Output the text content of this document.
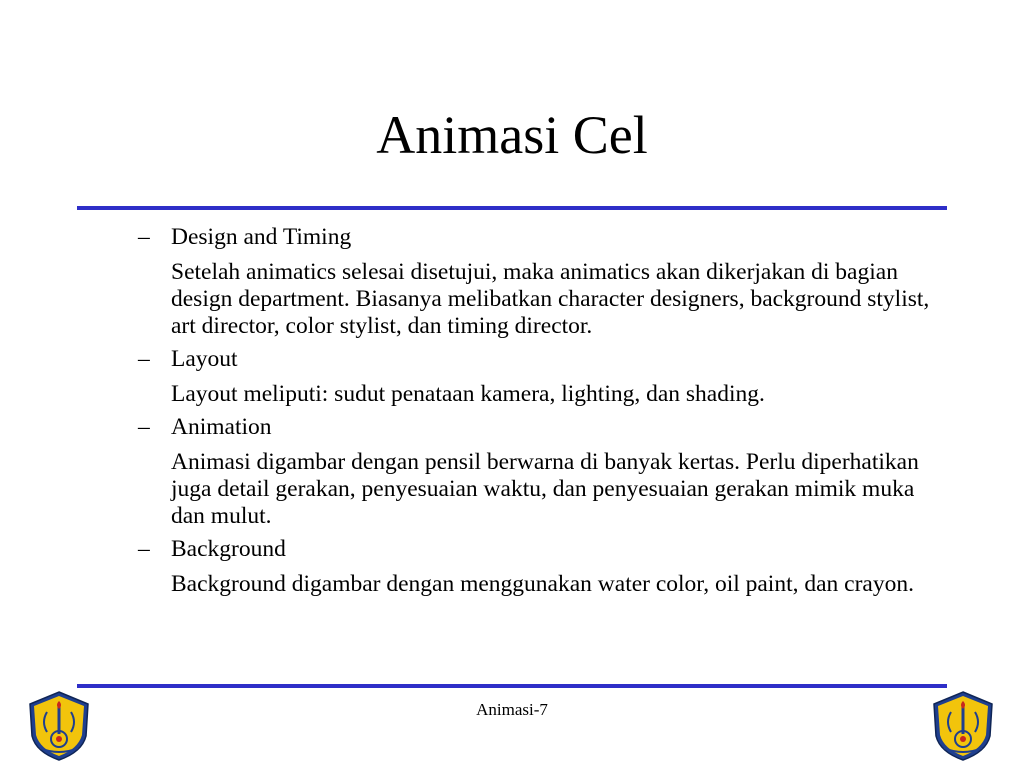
Animasi Cel
– Design and Timing
Setelah animatics selesai disetujui, maka animatics akan dikerjakan di bagian design department. Biasanya melibatkan character designers, background stylist, art director, color stylist, dan timing director.
– Layout
Layout meliputi: sudut penataan kamera, lighting, dan shading.
– Animation
Animasi digambar dengan pensil berwarna di banyak kertas. Perlu diperhatikan juga detail gerakan, penyesuaian waktu, dan penyesuaian gerakan mimik muka dan mulut.
– Background
Background digambar dengan menggunakan water color, oil paint, dan crayon.
Animasi-7
